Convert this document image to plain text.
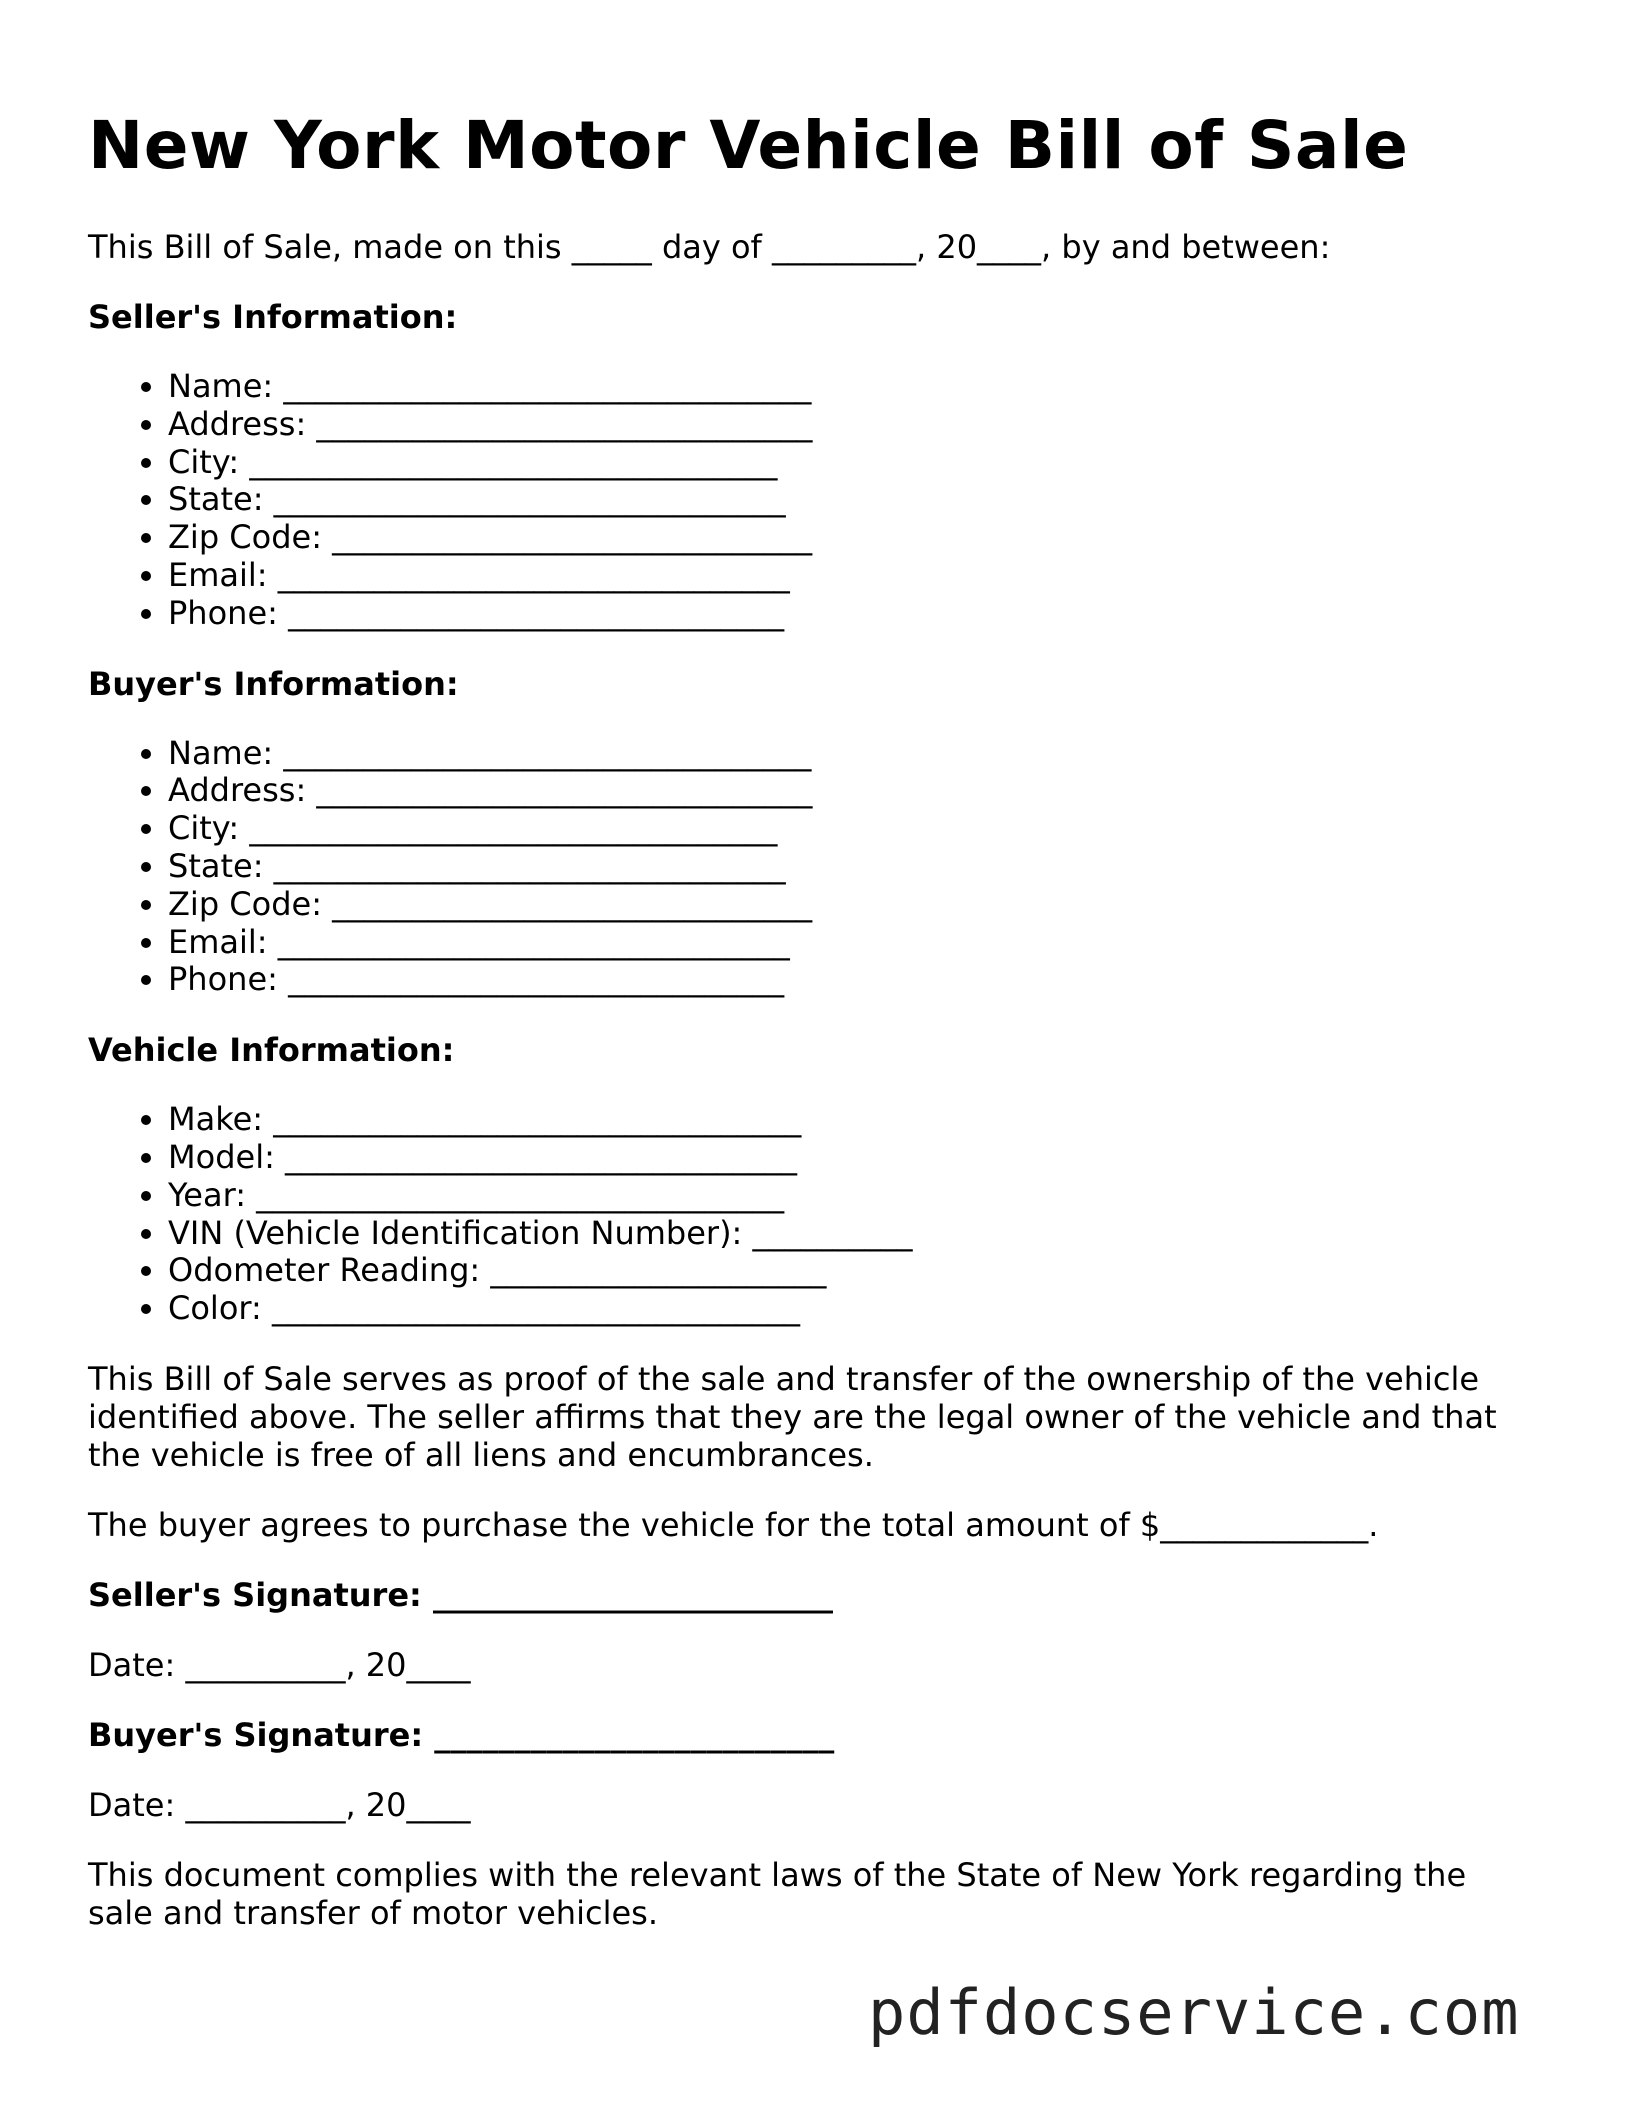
New York Motor Vehicle Bill of Sale

This Bill of Sale, made on this _____ day of _________, 20____, by and between:

Seller's Information:
• Name: _________________________________
• Address: _______________________________
• City: _________________________________
• State: ________________________________
• Zip Code: ______________________________
• Email: ________________________________
• Phone: _______________________________
Buyer's Information:
• Name: _________________________________
• Address: _______________________________
• City: _________________________________
• State: ________________________________
• Zip Code: ______________________________
• Email: ________________________________
• Phone: _______________________________
Vehicle Information:
• Make: _________________________________
• Model: ________________________________
• Year: _________________________________
• VIN (Vehicle Identification Number): __________
• Odometer Reading: _____________________
• Color: _________________________________

This Bill of Sale serves as proof of the sale and transfer of the ownership of the vehicle identified above. The seller affirms that they are the legal owner of the vehicle and that the vehicle is free of all liens and encumbrances.

The buyer agrees to purchase the vehicle for the total amount of $_____________.

Seller's Signature: _________________________

Date: __________, 20____

Buyer's Signature: _________________________

Date: __________, 20____

This document complies with the relevant laws of the State of New York regarding the sale and transfer of motor vehicles.

pdfdocservice.com
